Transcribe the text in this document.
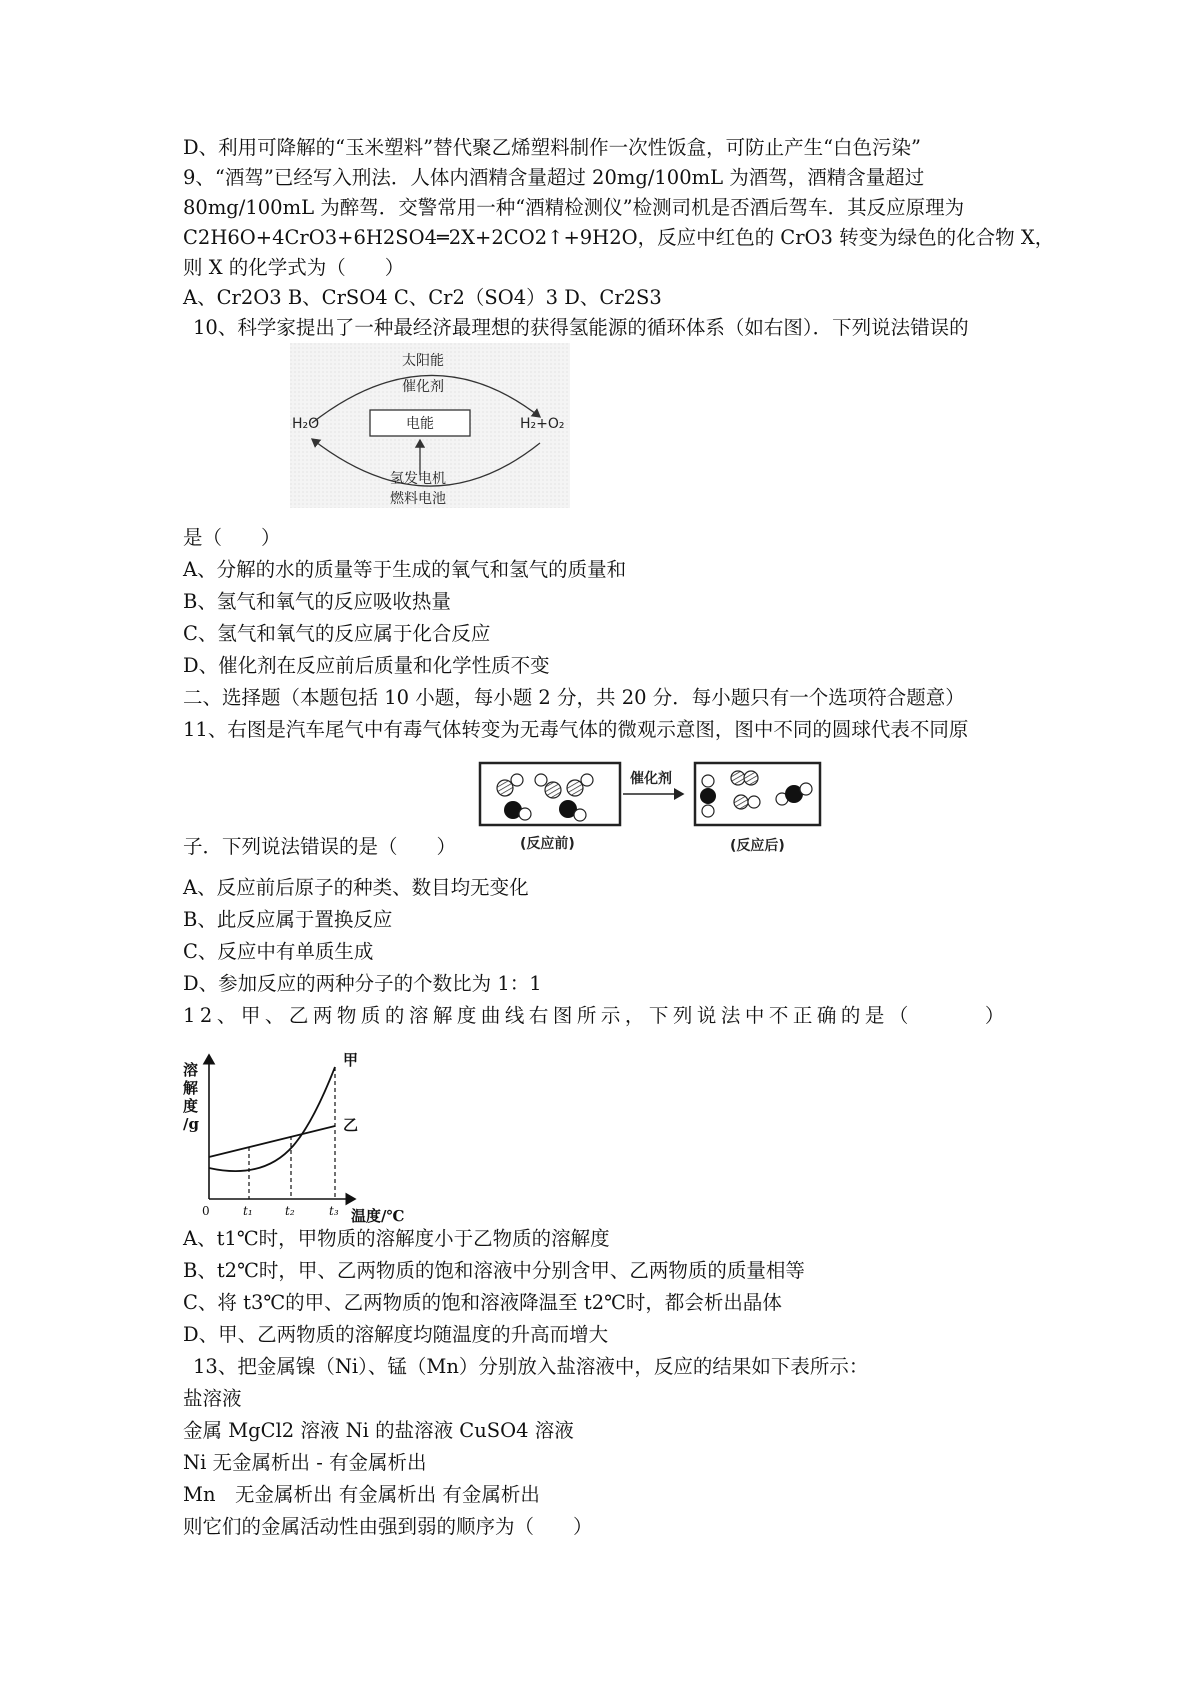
D、利用可降解的“玉米塑料”替代聚乙烯塑料制作一次性饭盒，可防止产生“白色污染”
9、“酒驾”已经写入刑法．人体内酒精含量超过 20mg/100mL 为酒驾，酒精含量超过
80mg/100mL 为醉驾．交警常用一种“酒精检测仪”检测司机是否酒后驾车．其反应原理为
C2H6O+4CrO3+6H2SO4═2X+2CO2↑+9H2O，反应中红色的 CrO3 转变为绿色的化合物 X，
则 X 的化学式为（　　）
A、Cr2O3 B、CrSO4 C、Cr2（SO4）3 D、Cr2S3
10、科学家提出了一种最经济最理想的获得氢能源的循环体系（如右图）．下列说法错误的
太阳能
催化剂
H₂O	H₂+O₂
电能
氢发电机
燃料电池
是（　　）
A、分解的水的质量等于生成的氧气和氢气的质量和
B、氢气和氧气的反应吸收热量
C、氢气和氧气的反应属于化合反应
D、催化剂在反应前后质量和化学性质不变
二、选择题（本题包括 10 小题，每小题 2 分，共 20 分．每小题只有一个选项符合题意）
11、右图是汽车尾气中有毒气体转变为无毒气体的微观示意图，图中不同的圆球代表不同原
催化剂
(反应前)	(反应后)
子．下列说法错误的是（　　）
A、反应前后原子的种类、数目均无变化
B、此反应属于置换反应
C、反应中有单质生成
D、参加反应的两种分子的个数比为 1：1
12、甲、乙两物质的溶解度曲线右图所示，下列说法中不正确的是（　　　）
溶
解
度
/g
甲
乙
0	t₁	t₂	t₃ 温度/℃
A、t1℃时，甲物质的溶解度小于乙物质的溶解度
B、t2℃时，甲、乙两物质的饱和溶液中分别含甲、乙两物质的质量相等
C、将 t3℃的甲、乙两物质的饱和溶液降温至 t2℃时，都会析出晶体
D、甲、乙两物质的溶解度均随温度的升高而增大
13、把金属镍（Ni）、锰（Mn）分别放入盐溶液中，反应的结果如下表所示：
盐溶液
金属 MgCl2 溶液 Ni 的盐溶液 CuSO4 溶液
Ni 无金属析出 - 有金属析出
Mn　无金属析出 有金属析出 有金属析出
则它们的金属活动性由强到弱的顺序为（　　）
